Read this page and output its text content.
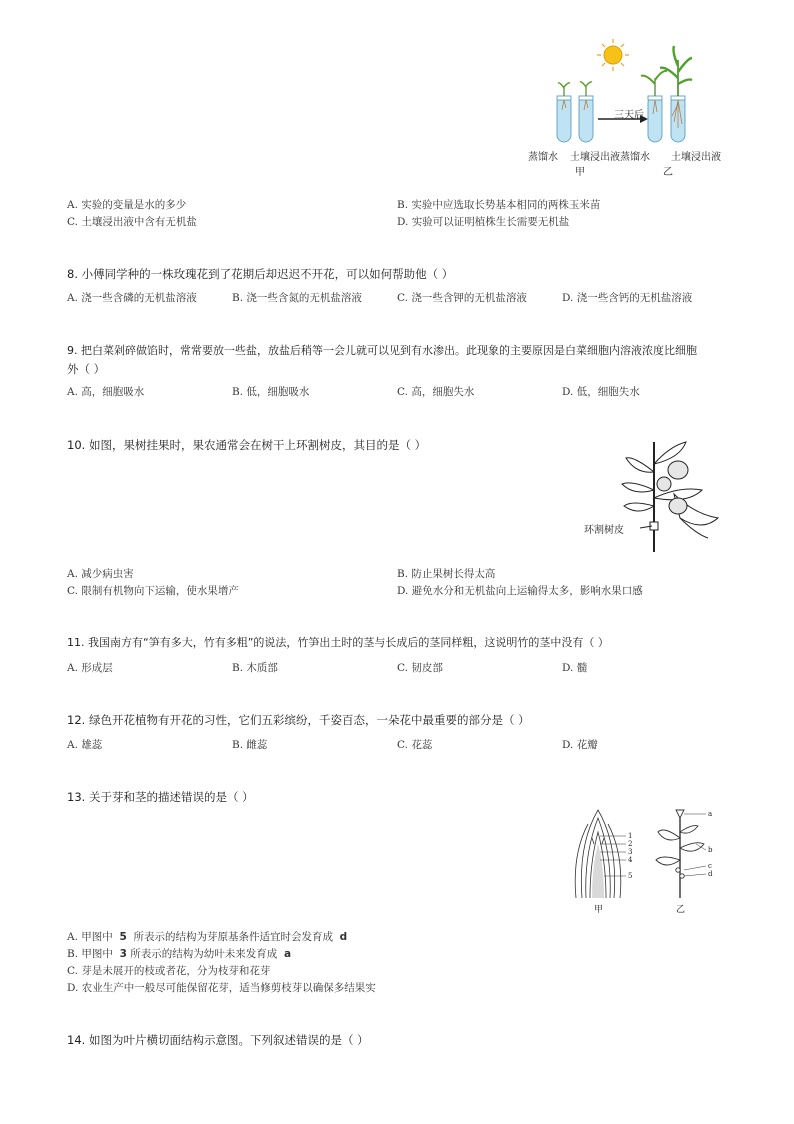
三天后
蒸馏水 土壤浸出液 蒸馏水 土壤浸出液
甲	乙
A. 实验的变量是水的多少	B. 实验中应选取长势基本相同的两株玉米苗
C. 土壤浸出液中含有无机盐	D. 实验可以证明植株生长需要无机盐
8. 小傅同学种的一株玫瑰花到了花期后却迟迟不开花，可以如何帮助他（ ）
A. 浇一些含磷的无机盐溶液	B. 浇一些含氮的无机盐溶液	C. 浇一些含钾的无机盐溶液	D. 浇一些含钙的无机盐溶液
9. 把白菜剁碎做馅时，常常要放一些盐，放盐后稍等一会儿就可以见到有水渗出。此现象的主要原因是白菜细胞内溶液浓度比细胞
外（ ）
A. 高，细胞吸水	B. 低，细胞吸水	C. 高，细胞失水	D. 低，细胞失水
10. 如图，果树挂果时，果农通常会在树干上环割树皮，其目的是（ ）
环割树皮
A. 减少病虫害	B. 防止果树长得太高
C. 限制有机物向下运输，使水果增产	D. 避免水分和无机盐向上运输得太多，影响水果口感
11. 我国南方有“笋有多大，竹有多粗”的说法，竹笋出土时的茎与长成后的茎同样粗，这说明竹的茎中没有（ ）
A. 形成层	B. 木质部	C. 韧皮部	D. 髓
12. 绿色开花植物有开花的习性，它们五彩缤纷，千姿百态，一朵花中最重要的部分是（ ）
A. 雄蕊	B. 雌蕊	C. 花蕊	D. 花瓣
13. 关于芽和茎的描述错误的是（ ）
1
2
3
4
5
a
b
c
d
甲	乙
A. 甲图中 5 所表示的结构为芽原基条件适宜时会发育成 d
B. 甲图中 3 所表示的结构为幼叶未来发育成 a
C. 芽是未展开的枝或者花，分为枝芽和花芽
D. 农业生产中一般尽可能保留花芽，适当修剪枝芽以确保多结果实
14. 如图为叶片横切面结构示意图。下列叙述错误的是（ ）
